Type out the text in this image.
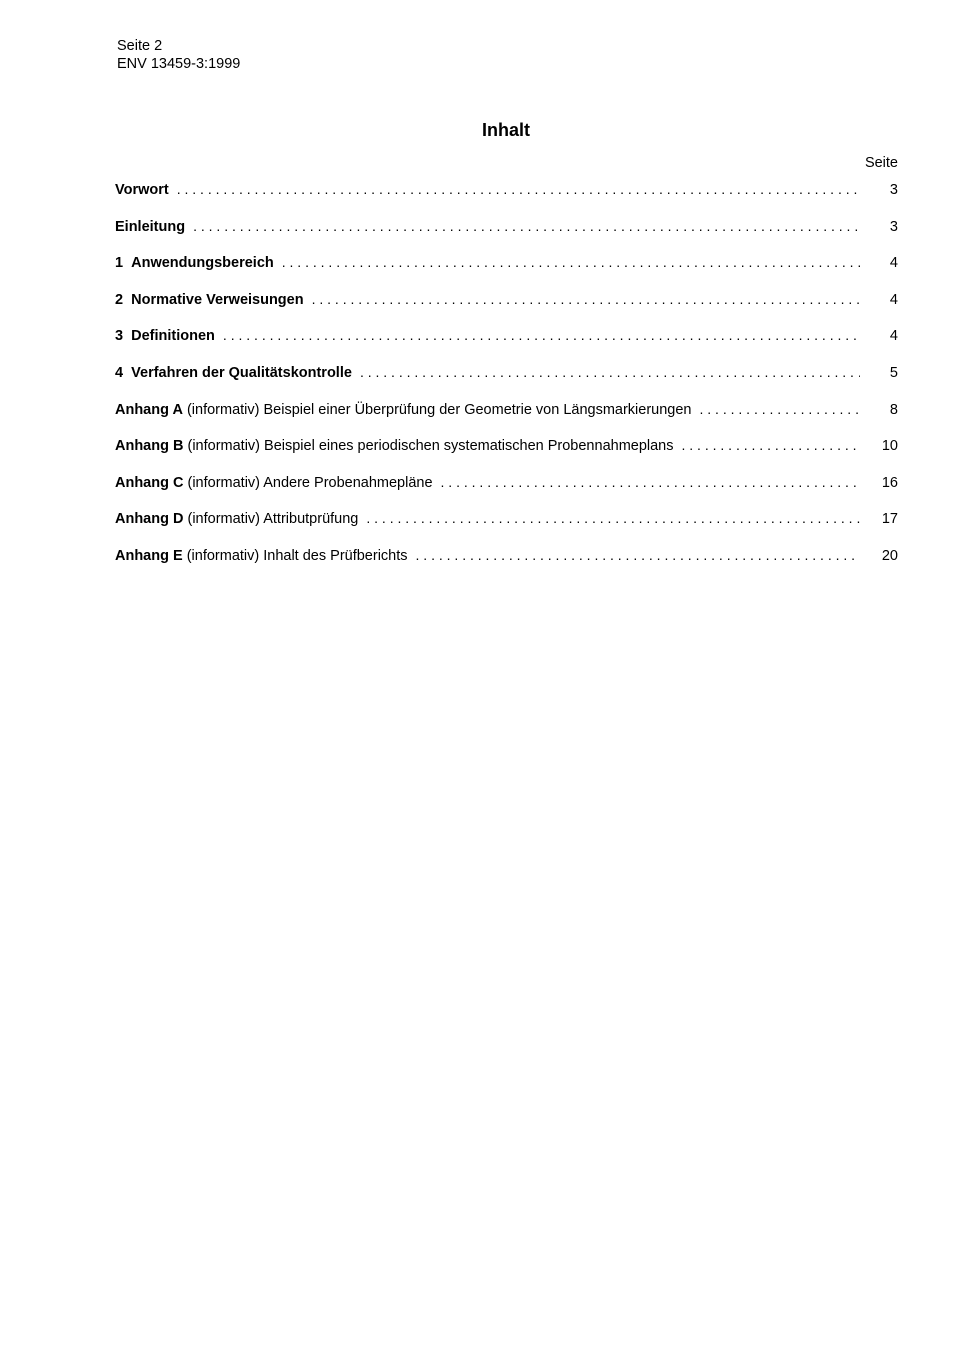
Seite 2
ENV 13459-3:1999
Inhalt
Seite
Vorwort . . .	3
Einleitung . . .	3
1 Anwendungsbereich . . .	4
2 Normative Verweisungen . . .	4
3 Definitionen . . .	4
4 Verfahren der Qualitätskontrolle . . .	5
Anhang A (informativ) Beispiel einer Überprüfung der Geometrie von Längsmarkierungen . . .	8
Anhang B (informativ) Beispiel eines periodischen systematischen Probennahmeplans . . .	10
Anhang C (informativ) Andere Probenahmepläne . . .	16
Anhang D (informativ) Attributprüfung . . .	17
Anhang E (informativ) Inhalt des Prüfberichts . . .	20
